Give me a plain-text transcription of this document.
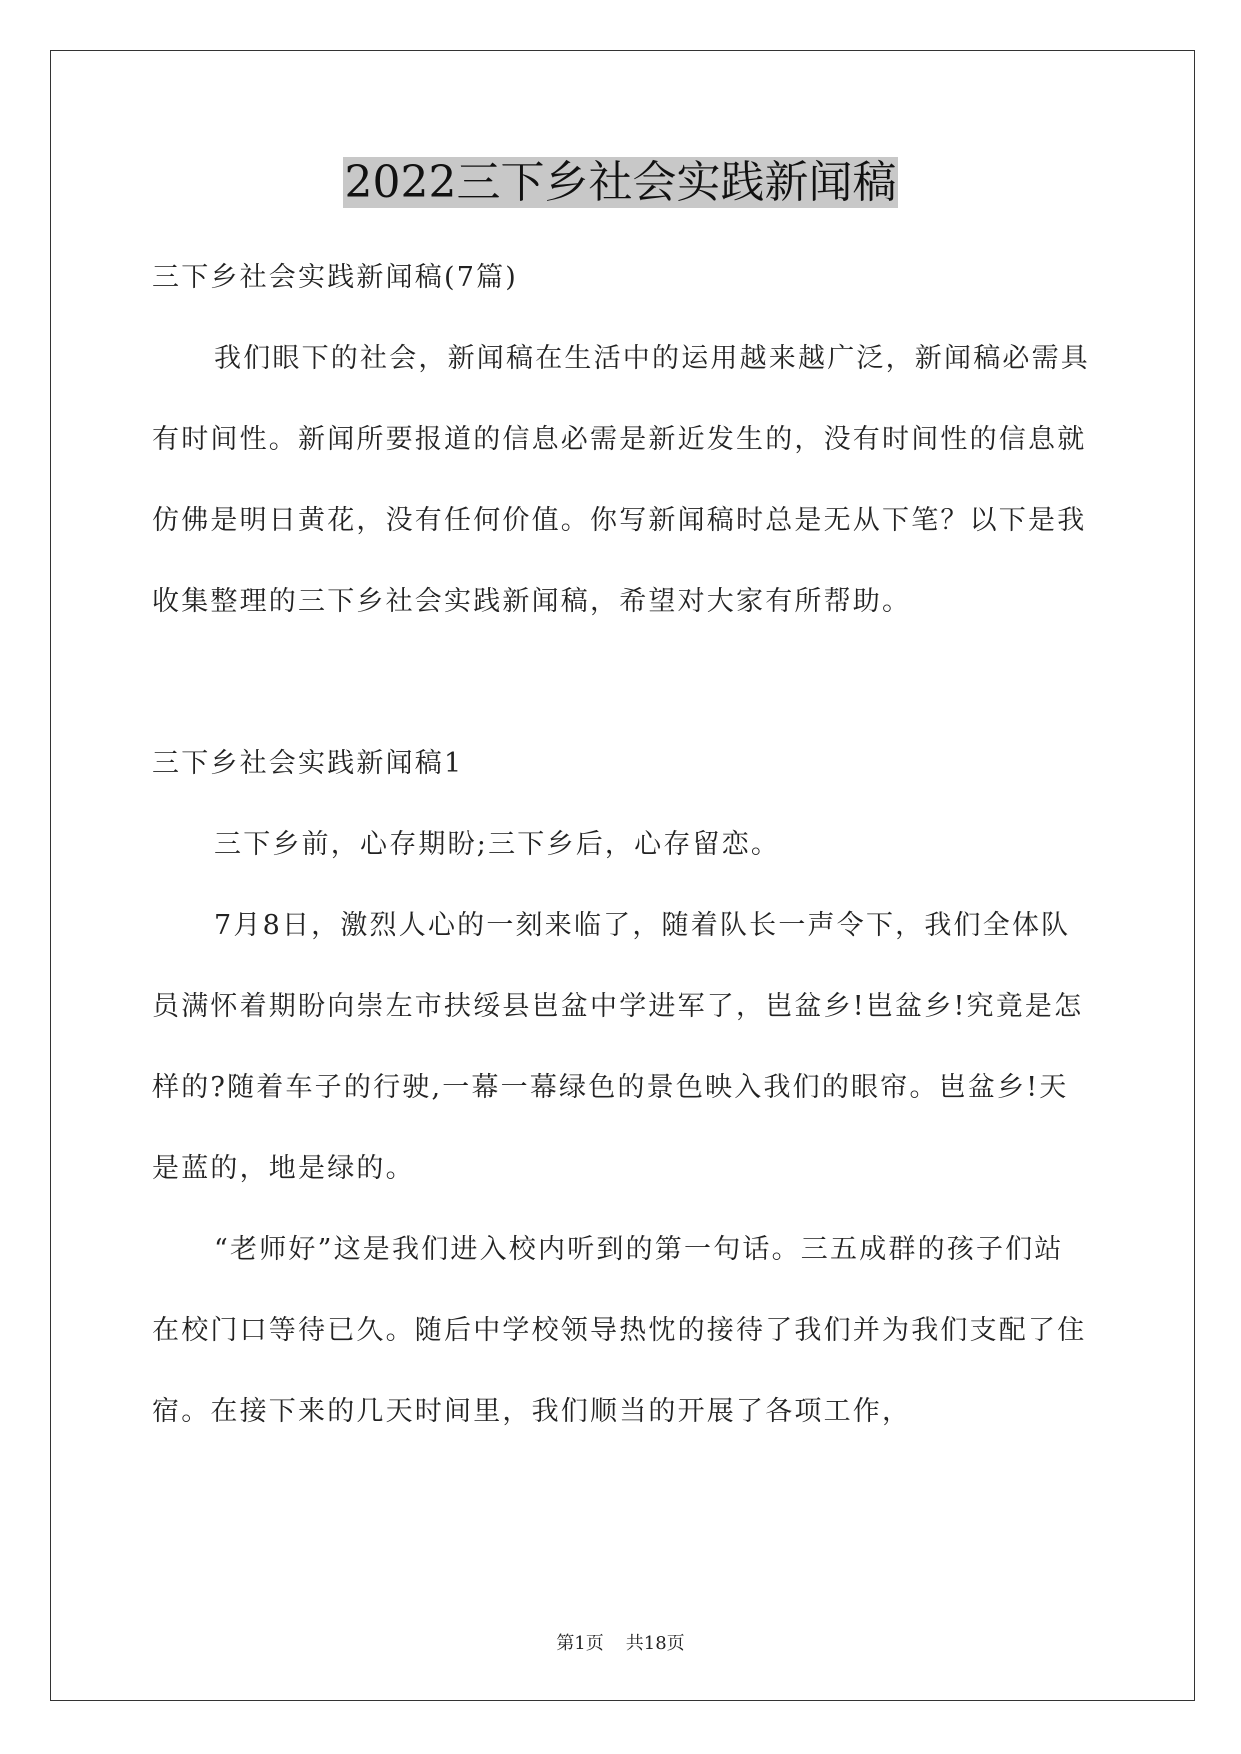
2022三下乡社会实践新闻稿

三下乡社会实践新闻稿(7篇)

我们眼下的社会，新闻稿在生活中的运用越来越广泛，新闻稿必需具有时间性。新闻所要报道的信息必需是新近发生的，没有时间性的信息就仿佛是明日黄花，没有任何价值。你写新闻稿时总是无从下笔？以下是我收集整理的三下乡社会实践新闻稿，希望对大家有所帮助。

三下乡社会实践新闻稿1

三下乡前，心存期盼;三下乡后，心存留恋。

7月8日，激烈人心的一刻来临了，随着队长一声令下，我们全体队员满怀着期盼向崇左市扶绥县岜盆中学进军了，岜盆乡!岜盆乡!究竟是怎样的?随着车子的行驶,一幕一幕绿色的景色映入我们的眼帘。岜盆乡!天是蓝的，地是绿的。

“老师好”这是我们进入校内听到的第一句话。三五成群的孩子们站在校门口等待已久。随后中学校领导热忱的接待了我们并为我们支配了住宿。在接下来的几天时间里，我们顺当的开展了各项工作，

第1页 共18页
